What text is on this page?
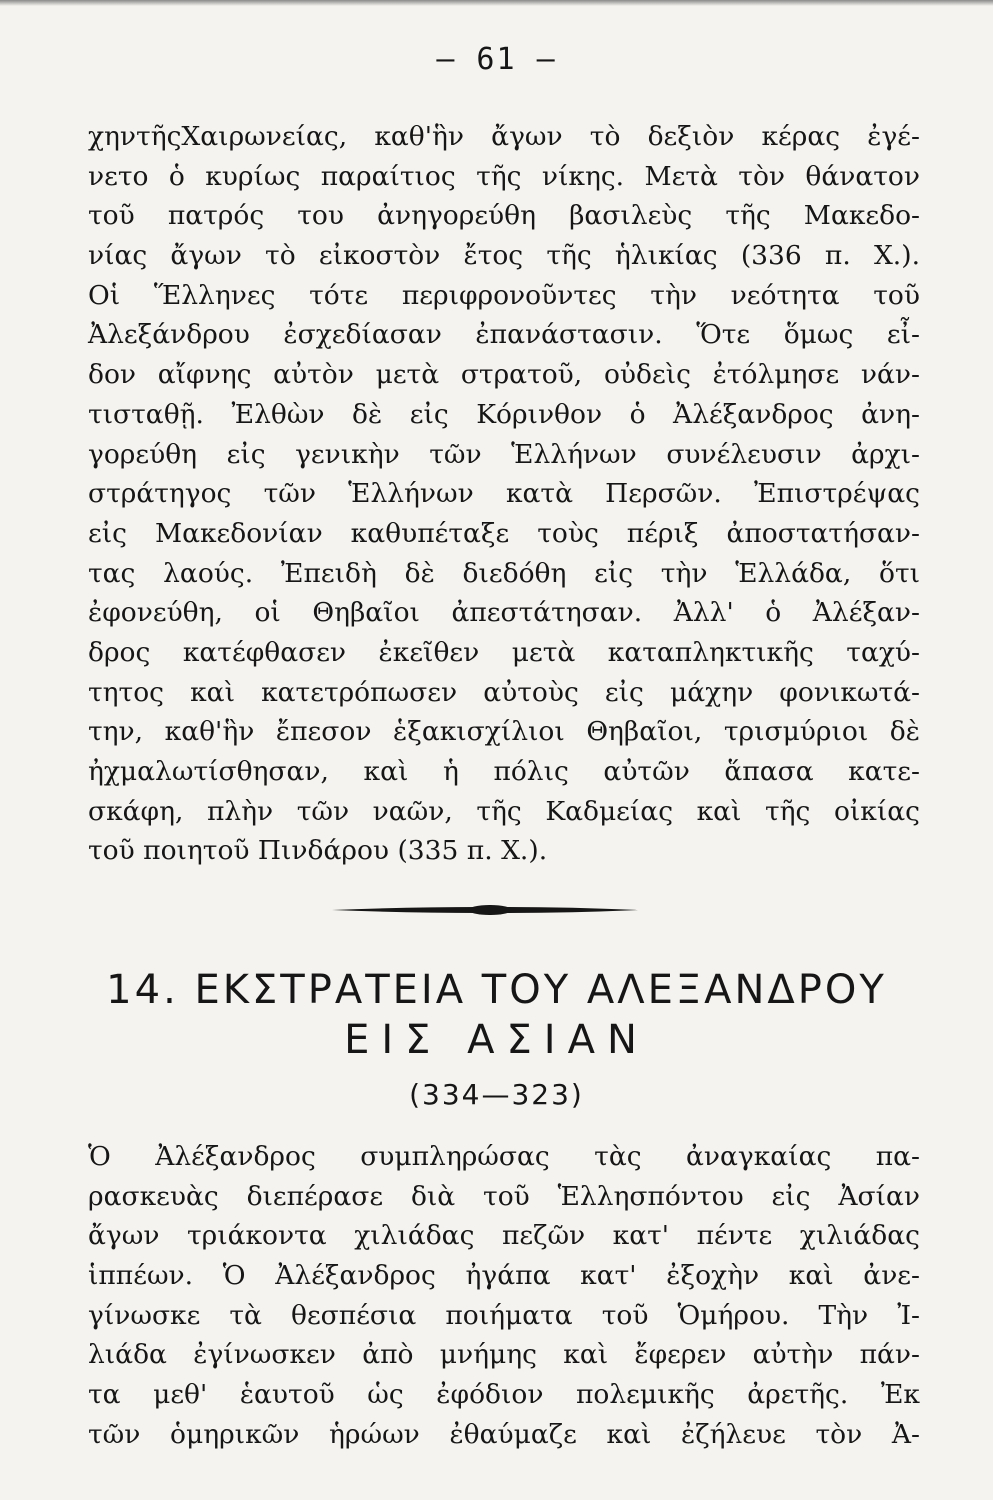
— 61 —
χηντῆςΧαιρωνείας, καθ'ἣν ἄγων τὸ δεξιὸν κέρας ἐγέ-
νετο ὁ κυρίως παραίτιος τῆς νίκης. Μετὰ τὸν θάνατον
τοῦ πατρός του ἀνηγορεύθη βασιλεὺς τῆς Μακεδο-
νίας ἄγων τὸ εἰκοστὸν ἔτος τῆς ἡλικίας (336 π. Χ.).
Οἱ Ἕλληνες τότε περιφρονοῦντες τὴν νεότητα τοῦ
Ἀλεξάνδρου ἐσχεδίασαν ἐπανάστασιν. Ὅτε ὅμως εἶ-
δον αἴφνης αὐτὸν μετὰ στρατοῦ, οὐδεὶς ἐτόλμησε νάν-
τισταθῇ. Ἐλθὼν δὲ εἰς Κόρινθον ὁ Ἀλέξανδρος ἀνη-
γορεύθη εἰς γενικὴν τῶν Ἑλλήνων συνέλευσιν ἀρχι-
στράτηγος τῶν Ἑλλήνων κατὰ Περσῶν. Ἐπιστρέψας
εἰς Μακεδονίαν καθυπέταξε τοὺς πέριξ ἀποστατήσαν-
τας λαούς. Ἐπειδὴ δὲ διεδόθη εἰς τὴν Ἑλλάδα, ὅτι
ἐφονεύθη, οἱ Θηβαῖοι ἀπεστάτησαν. Ἀλλ' ὁ Ἀλέξαν-
δρος κατέφθασεν ἐκεῖθεν μετὰ καταπληκτικῆς ταχύ-
τητος καὶ κατετρόπωσεν αὐτοὺς εἰς μάχην φονικωτά-
την, καθ'ἣν ἔπεσον ἑξακισχίλιοι Θηβαῖοι, τρισμύριοι δὲ
ἠχμαλωτίσθησαν, καὶ ἡ πόλις αὐτῶν ἅπασα κατε-
σκάφη, πλὴν τῶν ναῶν, τῆς Καδμείας καὶ τῆς οἰκίας
τοῦ ποιητοῦ Πινδάρου (335 π. Χ.).
14. ΕΚΣΤΡΑΤΕΙΑ ΤΟΥ ΑΛΕΞΑΝΔΡΟΥ
ΕΙΣ ΑΣΙΑΝ
(334—323)
Ὁ Ἀλέξανδρος συμπληρώσας τὰς ἀναγκαίας πα-
ρασκευὰς διεπέρασε διὰ τοῦ Ἑλλησπόντου εἰς Ἀσίαν
ἄγων τριάκοντα χιλιάδας πεζῶν κατ' πέντε χιλιάδας
ἱππέων. Ὁ Ἀλέξανδρος ἠγάπα κατ' ἐξοχὴν καὶ ἀνε-
γίνωσκε τὰ θεσπέσια ποιήματα τοῦ Ὁμήρου. Τὴν Ἰ-
λιάδα ἐγίνωσκεν ἀπὸ μνήμης καὶ ἔφερεν αὐτὴν πάν-
τα μεθ' ἑαυτοῦ ὡς ἐφόδιον πολεμικῆς ἀρετῆς. Ἐκ
τῶν ὁμηρικῶν ἡρώων ἐθαύμαζε καὶ ἐζήλευε τὸν Ἀ-
